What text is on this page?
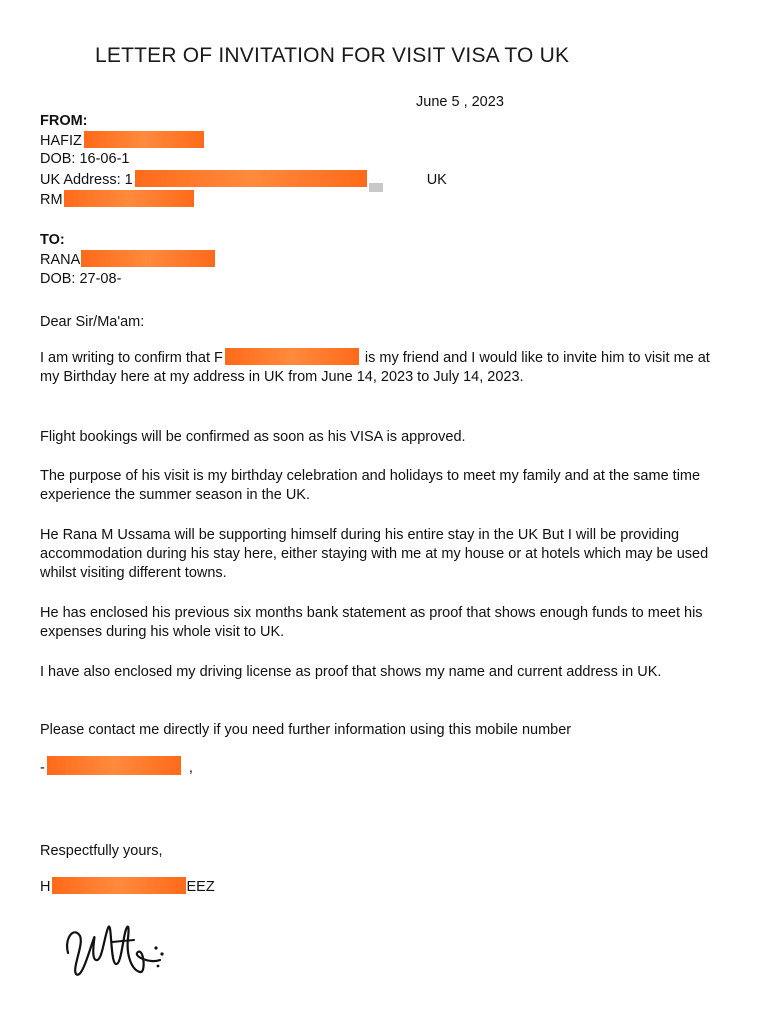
LETTER OF INVITATION FOR VISIT VISA TO UK
June 5 , 2023
FROM:
HAFIZ
DOB: 16-06-1
UK Address: 1	UK
RM
TO:
RANA
DOB: 27-08-
Dear Sir/Ma'am:
I am writing to confirm that F	is my friend and I would like to invite him to visit me at my Birthday here at my address in UK from June 14, 2023 to July 14, 2023.
Flight bookings will be confirmed as soon as his VISA is approved.
The purpose of his visit is my birthday celebration and holidays to meet my family and at the same time experience the summer season in the UK.
He Rana M Ussama will be supporting himself during his entire stay in the UK But I will be providing accommodation during his stay here, either staying with me at my house or at hotels which may be used whilst visiting different towns.
He has enclosed his previous six months bank statement as proof that shows enough funds to meet his expenses during his whole visit to UK.
I have also enclosed my driving license as proof that shows my name and current address in UK.
Please contact me directly if you need further information using this mobile number
-	,
Respectfully yours,
H	EEZ
